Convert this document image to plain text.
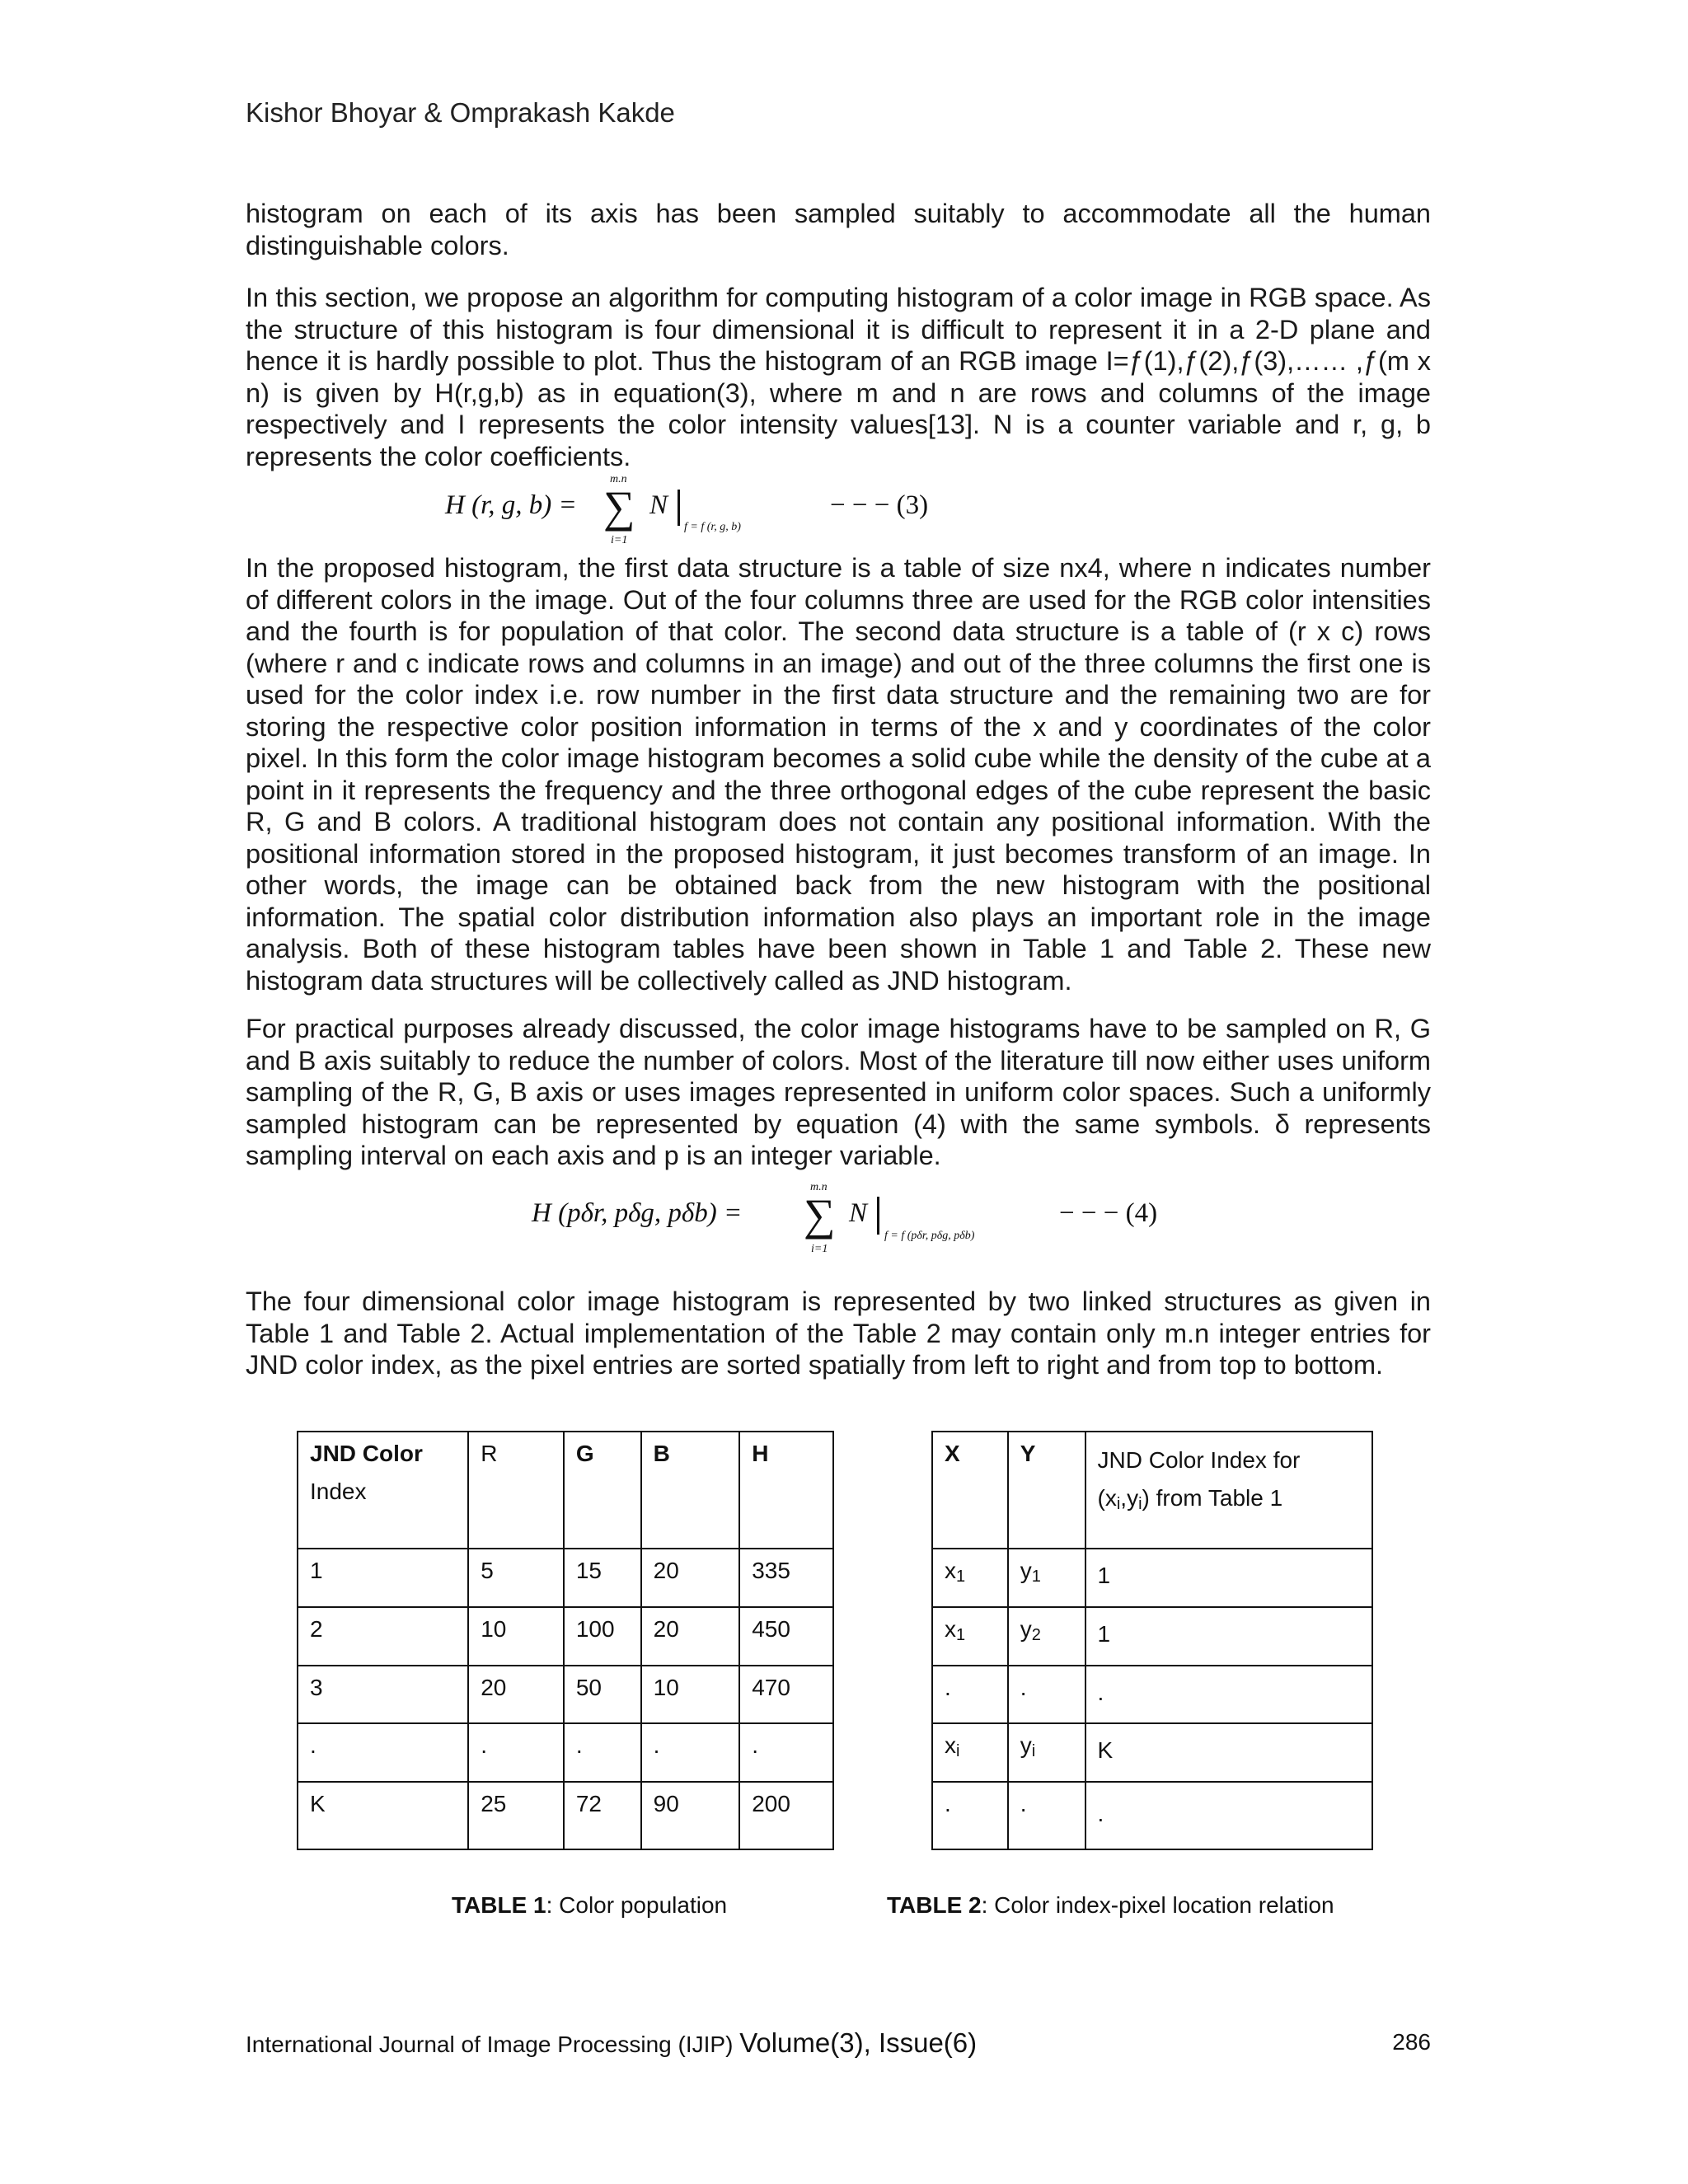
Kishor Bhoyar & Omprakash Kakde
histogram on each of its axis has been sampled suitably to accommodate all the human distinguishable colors.
In this section, we propose an algorithm for computing histogram of a color image in RGB space. As the structure of this histogram is four dimensional it is difficult to represent it in a 2-D plane and hence it is hardly possible to plot. Thus the histogram of an RGB image I=ƒ(1),ƒ(2),ƒ(3),…… ,ƒ(m x n) is given by H(r,g,b) as in equation(3), where m and n are rows and columns of the image respectively and I represents the color intensity values[13]. N is a counter variable and r, g, b represents the color coefficients.
H (r, g, b) =
m.n
∑
i=1
N
f = f (r, g, b)
− − − (3)
In the proposed histogram, the first data structure is a table of size nx4, where n indicates number of different colors in the image. Out of the four columns three are used for the RGB color intensities and the fourth is for population of that color. The second data structure is a table of (r x c) rows (where r and c indicate rows and columns in an image) and out of the three columns the first one is used for the color index i.e. row number in the first data structure and the remaining two are for storing the respective color position information in terms of the x and y coordinates of the color pixel. In this form the color image histogram becomes a solid cube while the density of the cube at a point in it represents the frequency and the three orthogonal edges of the cube represent the basic R, G and B colors. A traditional histogram does not contain any positional information. With the positional information stored in the proposed histogram, it just becomes transform of an image. In other words, the image can be obtained back from the new histogram with the positional information. The spatial color distribution information also plays an important role in the image analysis. Both of these histogram tables have been shown in Table 1 and Table 2. These new histogram data structures will be collectively called as JND histogram.
For practical purposes already discussed, the color image histograms have to be sampled on R, G and B axis suitably to reduce the number of colors. Most of the literature till now either uses uniform sampling of the R, G, B axis or uses images represented in uniform color spaces. Such a uniformly sampled histogram can be represented by equation (4) with the same symbols. δ represents sampling interval on each axis and p is an integer variable.
H (pδr, pδg, pδb) =
m.n
∑
i=1
N
f = f (pδr, pδg, pδb)
− − − (4)
The four dimensional color image histogram is represented by two linked structures as given in Table 1 and Table 2. Actual implementation of the Table 2 may contain only m.n integer entries for JND color index, as the pixel entries are sorted spatially from left to right and from top to bottom.
JND Color
Index	R	G	B	H
1	5	15	20	335
2	10	100	20	450
3	20	50	10	470
.	.	.	.	.
K	25	72	90	200
X	Y	JND Color Index for
$(x_i,y_i)$ from Table 1

$x_1$	$y_1$	1
$x_1$	$y_2$	1
.	.	.
$x_i$	$y_i$	K
.	.	.
TABLE 1: Color population	TABLE 2: Color index-pixel location relation
International Journal of Image Processing (IJIP) Volume(3), Issue(6)	286
